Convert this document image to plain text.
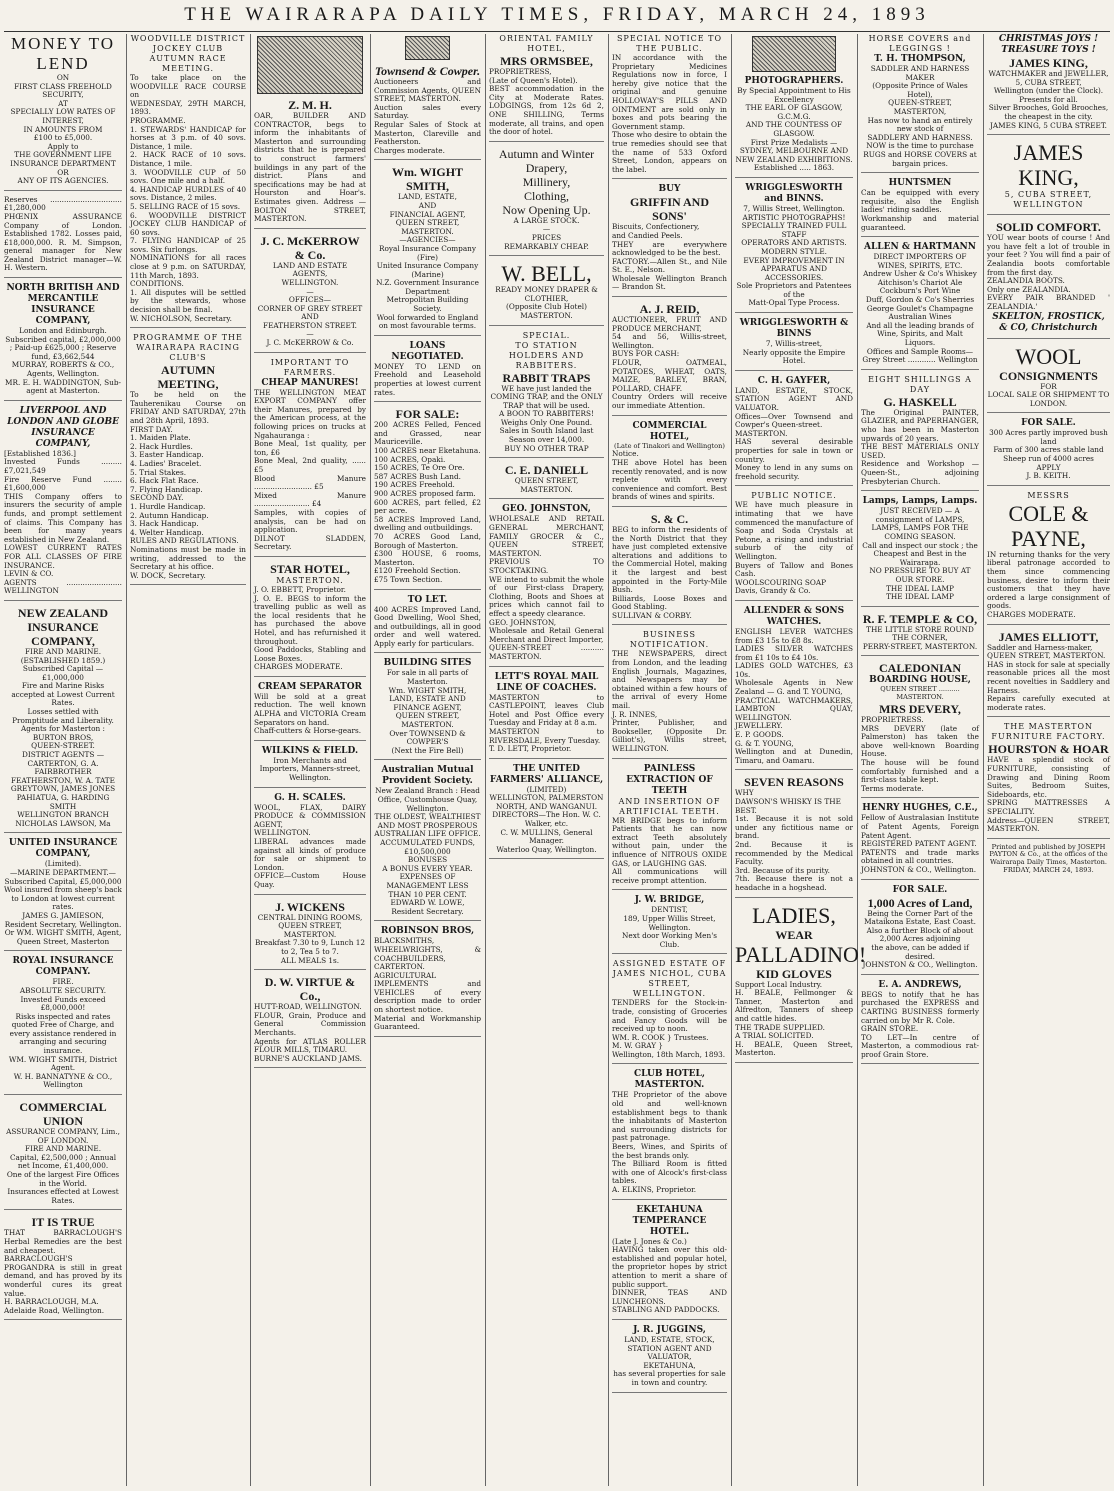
THE WAIRARAPA DAILY TIMES, FRIDAY, MARCH 24, 1893
MONEY TO LEND
ON
FIRST CLASS FREEHOLD SECURITY,
AT
SPECIALLY LOW RATES OF
INTEREST,
IN AMOUNTS FROM
£100 to £5,000.
Apply to
THE GOVERNMENT LIFE INSURANCE DEPARTMENT
OR
ANY OF ITS AGENCIES.
Reserves ............................... £1,280,000
PHŒNIX ASSURANCE Company of London. Established 1782. Losses paid, £18,000,000. R. M. Simpson, general manager for New Zealand District manager—W. H. Western.
NORTH BRITISH AND MERCANTILE INSURANCE COMPANY,
London and Edinburgh.
Subscribed capital, £2,000,000 ; Paid-up £625,000 ; Reserve fund, £3,662,544
MURRAY, ROBERTS & CO., Agents, Wellington.
MR. E. H. WADDINGTON, Sub-agent at Masterton.
LIVERPOOL AND LONDON AND GLOBE INSURANCE COMPANY,
[Established 1836.]
Invested Funds ......... £7,021,549
Fire Reserve Fund ........ £1,600,000
THIS Company offers to insurers the security of ample funds, and prompt settlement of claims. This Company has been for many years established in New Zealand.
LOWEST CURRENT RATES FOR ALL CLASSES OF FIRE INSURANCE.
LEVIN & CO.
AGENTS ........................ WELLINGTON
NEW ZEALAND INSURANCE COMPANY,
FIRE AND MARINE.
(ESTABLISHED 1859.)
Subscribed Capital — £1,000,000
Fire and Marine Risks accepted at Lowest Current Rates.
Losses settled with Promptitude and Liberality.
Agents for Masterton :
BURTON BROS,
QUEEN-STREET.
DISTRICT AGENTS —
CARTERTON, G. A. FAIRBROTHER
FEATHERSTON, W. A. TATE
GREYTOWN, JAMES JONES
PAHIATUA, G. HARDING SMITH
WELLINGTON BRANCH
NICHOLAS LAWSON, Ma
UNITED INSURANCE COMPANY,
(Limited).
—MARINE DEPARTMENT.—
Subscribed Capital, £5,000,000
Wool insured from sheep's back to London at lowest current rates.
JAMES G. JAMIESON,
Resident Secretary, Wellington.
Or WM. WIGHT SMITH, Agent, Queen Street, Masterton
ROYAL INSURANCE COMPANY.
FIRE.
ABSOLUTE SECURITY.
Invested Funds exceed £8,000,000!
Risks inspected and rates quoted Free of Charge, and every assistance rendered in arranging and securing insurance.
WM. WIGHT SMITH, District Agent.
W. H. BANNATYNE & CO., Wellington
COMMERCIAL UNION
ASSURANCE COMPANY, Lim., OF LONDON.
FIRE AND MARINE.
Capital, £2,500,000 ; Annual net Income, £1,400,000.
One of the largest Fire Offices in the World.
Insurances effected at Lowest Rates.
IT IS TRUE
THAT BARRACLOUGH'S Herbal Remedies are the best and cheapest.
BARRACLOUGH'S PROGANDRA is still in great demand, and has proved by its wonderful cures its great value.
H. BARRACLOUGH, M.A.
Adelaide Road, Wellington.
WOODVILLE DISTRICT JOCKEY CLUB
AUTUMN RACE MEETING.
To take place on the WOODVILLE RACE COURSE on
WEDNESDAY, 29TH MARCH, 1893.
PROGRAMME.
1. STEWARDS' HANDICAP for horses at 3 p.m. of 40 sovs. Distance, 1 mile.
2. HACK RACE of 10 sovs. Distance, 1 mile.
3. WOODVILLE CUP of 50 sovs. One mile and a half.
4. HANDICAP HURDLES of 40 sovs. Distance, 2 miles.
5. SELLING RACE of 15 sovs.
6. WOODVILLE DISTRICT JOCKEY CLUB HANDICAP of 60 sovs.
7. FLYING HANDICAP of 25 sovs. Six furlongs.
NOMINATIONS for all races close at 9 p.m. on SATURDAY, 11th March, 1893.
CONDITIONS.
1. All disputes will be settled by the stewards, whose decision shall be final.
W. NICHOLSON, Secretary.
PROGRAMME OF THE WAIRARAPA RACING CLUB'S
AUTUMN MEETING,
To be held on the Tauherenikau Course on FRIDAY AND SATURDAY, 27th and 28th April, 1893.
FIRST DAY.
1. Maiden Plate.
2. Hack Hurdles.
3. Easter Handicap.
4. Ladies' Bracelet.
5. Trial Stakes.
6. Hack Flat Race.
7. Flying Handicap.
SECOND DAY.
1. Hurdle Handicap.
2. Autumn Handicap.
3. Hack Handicap.
4. Welter Handicap.
RULES AND REGULATIONS.
Nominations must be made in writing, addressed to the Secretary at his office.
W. DOCK, Secretary.
Z. M. H.
OAR, BUILDER AND CONTRACTOR, begs to inform the inhabitants of Masterton and surrounding districts that he is prepared to construct farmers' buildings in any part of the district. Plans and specifications may be had at Hourston and Hoar's. Estimates given. Address — BOLTON STREET, MASTERTON.
J. C. McKERROW & Co.
LAND AND ESTATE
AGENTS,
WELLINGTON.
—
OFFICES—
CORNER OF GREY STREET
AND
FEATHERSTON STREET.
—
J. C. McKERROW & Co.
IMPORTANT TO FARMERS.
CHEAP MANURES!
THE WELLINGTON MEAT EXPORT COMPANY offer their Manures, prepared by the American process, at the following prices on trucks at Ngahauranga :
Bone Meal, 1st quality, per ton, £6
Bone Meal, 2nd quality, ...... £5
Blood Manure ......................... £5
Mixed Manure ........................ £4
Samples, with copies of analysis, can be had on application.
DILNOT SLADDEN, Secretary.
STAR HOTEL,
MASTERTON.
J. O. EBBETT, Proprietor.
J. O. E. BEGS to inform the travelling public as well as the local residents that he has purchased the above Hotel, and has refurnished it throughout.
Good Paddocks, Stabling and Loose Boxes.
CHARGES MODERATE.
CREAM SEPARATOR
Will be sold at a great reduction. The well known ALPHA and VICTORIA Cream Separators on hand.
Chaff-cutters & Horse-gears.
WILKINS & FIELD.
Iron Merchants and Importers, Manners-street, Wellington.
G. H. SCALES.
WOOL, FLAX, DAIRY PRODUCE & COMMISSION AGENT,
WELLINGTON.
LIBERAL advances made against all kinds of produce for sale or shipment to London.
OFFICE—Custom House Quay.
J. WICKENS
CENTRAL DINING ROOMS,
QUEEN STREET, MASTERTON.
Breakfast 7.30 to 9, Lunch 12 to 2, Tea 5 to 7.
ALL MEALS 1s.
D. W. VIRTUE & Co.,
HUTT-ROAD, WELLINGTON.
FLOUR, Grain, Produce and General Commission Merchants.
Agents for ATLAS ROLLER FLOUR MILLS, TIMARU.
BURNE'S AUCKLAND JAMS.
Townsend & Cowper.
Auctioneers and Commission Agents, QUEEN STREET, MASTERTON.
Auction sales every Saturday.
Regular Sales of Stock at Masterton, Clareville and Featherston.
Charges moderate.
Wm. WIGHT SMITH,
LAND, ESTATE,
AND
FINANCIAL AGENT,
QUEEN STREET, MASTERTON.
—AGENCIES—
Royal Insurance Company (Fire)
United Insurance Company (Marine)
N.Z. Government Insurance Department
Metropolitan Building Society.
Wool forwarded to England on most favourable terms.
LOANS NEGOTIATED.
MONEY TO LEND on Freehold and Leasehold properties at lowest current rates.
FOR SALE:
200 ACRES Felled, Fenced and Grassed, near Mauriceville.
100 ACRES near Eketahuna.
100 ACRES, Opaki.
150 ACRES, Te Ore Ore.
587 ACRES Bush Land.
190 ACRES Freehold.
900 ACRES proposed farm.
600 ACRES, part felled, £2 per acre.
58 ACRES Improved Land, dwelling and outbuildings.
70 ACRES Good Land, Borough of Masterton.
£300 HOUSE, 6 rooms, Masterton.
£120 Freehold Section.
£75 Town Section.
TO LET.
400 ACRES Improved Land, Good Dwelling, Wool Shed, and outbuildings, all in good order and well watered. Apply early for particulars.
BUILDING SITES
For sale in all parts of Masterton.
Wm. WIGHT SMITH,
LAND, ESTATE AND
FINANCE AGENT,
QUEEN STREET,
MASTERTON.
Over TOWNSEND & COWPER'S
(Next the Fire Bell)
Australian Mutual Provident Society.
New Zealand Branch : Head Office, Customhouse Quay, Wellington.
THE OLDEST, WEALTHIEST AND MOST PROSPEROUS AUSTRALIAN LIFE OFFICE.
ACCUMULATED FUNDS,
£10,500,000
BONUSES
A BONUS EVERY YEAR.
EXPENSES OF MANAGEMENT LESS THAN 10 PER CENT.
EDWARD W. LOWE, Resident Secretary.
ROBINSON BROS,
BLACKSMITHS, WHEELWRIGHTS, & COACHBUILDERS,
CARTERTON.
AGRICULTURAL IMPLEMENTS and VEHICLES of every description made to order on shortest notice.
Material and Workmanship Guaranteed.
ORIENTAL FAMILY HOTEL,
MRS ORMSBEE,
PROPRIETRESS,
(Late of Queen's Hotel).
BEST accommodation in the City at Moderate Rates. LODGINGS, from 12s 6d 2, ONE SHILLING, Terms moderate, all trains, and open the door of hotel.
Autumn and Winter
Drapery,
Millinery,
Clothing,
Now Opening Up.
A LARGE STOCK.
—
PRICES
REMARKABLY CHEAP.
W. BELL,
READY MONEY DRAPER & CLOTHIER,
(Opposite Club Hotel)
MASTERTON.
SPECIAL.
TO STATION HOLDERS AND RABBITERS.
RABBIT TRAPS
WE have just landed the COMING TRAP, and the ONLY TRAP that will be used.
A BOON TO RABBITERS!
Weighs Only One Pound.
Sales in South Island last Season over 14,000.
BUY NO OTHER TRAP
C. E. DANIELL
QUEEN STREET,
MASTERTON.
GEO. JOHNSTON,
WHOLESALE AND RETAIL GENERAL MERCHANT, FAMILY GROCER & C., QUEEN STREET, MASTERTON.
PREVIOUS TO STOCKTAKING.
WE intend to submit the whole of our First-class Drapery, Clothing, Boots and Shoes at prices which cannot fail to effect a speedy clearance.
GEO. JOHNSTON,
Wholesale and Retail General Merchant and Direct Importer,
QUEEN-STREET .......... MASTERTON.
LETT'S ROYAL MAIL LINE OF COACHES.
MASTERTON to CASTLEPOINT, leaves Club Hotel and Post Office every Tuesday and Friday at 8 a.m.
MASTERTON to RIVERSDALE, Every Tuesday.
T. D. LETT, Proprietor.
THE UNITED FARMERS' ALLIANCE,
(LIMITED)
WELLINGTON, PALMERSTON NORTH, AND WANGANUI.
DIRECTORS—The Hon. W. C. Walker, etc.
C. W. MULLINS, General Manager.
Waterloo Quay, Wellington.
SPECIAL NOTICE TO THE PUBLIC.
IN accordance with the Proprietary Medicines Regulations now in force, I hereby give notice that the original and genuine HOLLOWAY'S PILLS AND OINTMENT are sold only in boxes and pots bearing the Government stamp.
Those who desire to obtain the true remedies should see that the name of 533 Oxford Street, London, appears on the label.
BUY
GRIFFIN AND SONS'
Biscuits, Confectionery,
and Candied Peels.
THEY are everywhere acknowledged to be the best.
FACTORY.—Allen St., and Nile St. E., Nelson.
Wholesale Wellington Branch — Brandon St.
A. J. REID,
AUCTIONEER, FRUIT AND PRODUCE MERCHANT,
54 and 56, Willis-street, Wellington.
BUYS FOR CASH:
FLOUR, OATMEAL, POTATOES, WHEAT, OATS, MAIZE, BARLEY, BRAN, POLLARD, CHAFF.
Country Orders will receive our immediate Attention.
COMMERCIAL HOTEL,
(Late of Tinakori and Wellington)
Notice.
THE above Hotel has been recently renovated, and is now replete with every convenience and comfort. Best brands of wines and spirits.
S. & C.
BEG to inform the residents of the North District that they have just completed extensive alterations and additions to the Commercial Hotel, making it the largest and best appointed in the Forty-Mile Bush.
Billiards, Loose Boxes and Good Stabling.
SULLIVAN & CORBY.
BUSINESS NOTIFICATION.
THE NEWSPAPERS, direct from London, and the leading English Journals, Magazines, and Newspapers may be obtained within a few hours of the arrival of every Home mail.
J. R. INNES,
Printer, Publisher, and Bookseller, (Opposite Dr. Gilliot's), Willis street, WELLINGTON.
PAINLESS EXTRACTION OF TEETH
AND INSERTION OF ARTIFICIAL TEETH.
MR BRIDGE begs to inform Patients that he can now extract Teeth absolutely without pain, under the influence of NITROUS OXIDE GAS, or LAUGHING GAS.
All communications will receive prompt attention.
J. W. BRIDGE,
DENTIST,
189, Upper Willis Street, Wellington.
Next door Working Men's Club.
ASSIGNED ESTATE OF JAMES NICHOL, CUBA STREET, WELLINGTON.
TENDERS for the Stock-in-trade, consisting of Groceries and Fancy Goods will be received up to noon.
WM. R. COOK } Trustees.
M. W. GRAY }
Wellington, 18th March, 1893.
CLUB HOTEL, MASTERTON.
THE Proprietor of the above old and well-known establishment begs to thank the inhabitants of Masterton and surrounding districts for past patronage.
Beers, Wines, and Spirits of the best brands only.
The Billiard Room is fitted with one of Alcock's first-class tables.
A. ELKINS, Proprietor.
EKETAHUNA TEMPERANCE HOTEL.
(Late J. Jones & Co.)
HAVING taken over this old-established and popular hotel, the proprietor hopes by strict attention to merit a share of public support.
DINNER, TEAS AND LUNCHEONS.
STABLING AND PADDOCKS.
J. R. JUGGINS,
LAND, ESTATE, STOCK, STATION AGENT AND VALUATOR,
EKETAHUNA,
has several properties for sale in town and country.
PHOTOGRAPHERS.
By Special Appointment to His Excellency
THE EARL OF GLASGOW, G.C.M.G.
AND THE COUNTESS OF GLASGOW.
First Prize Medalists — SYDNEY, MELBOURNE AND NEW ZEALAND EXHIBITIONS.
Established ..... 1863.
WRIGGLESWORTH and BINNS.
7, Willis Street, Wellington.
ARTISTIC PHOTOGRAPHS!
SPECIALLY TRAINED FULL STAFF
OPERATORS AND ARTISTS.
MODERN STYLE.
EVERY IMPROVEMENT IN APPARATUS AND ACCESSORIES.
Sole Proprietors and Patentees of the
Matt-Opal Type Process.
WRIGGLESWORTH & BINNS
7, Willis-street,
Nearly opposite the Empire Hotel.
C. H. GAYFER,
LAND, ESTATE, STOCK, STATION AGENT AND VALUATOR.
Offices—Over Townsend and Cowper's Queen-street.
MASTERTON.
HAS several desirable properties for sale in town or country.
Money to lend in any sums on freehold security.
PUBLIC NOTICE.
WE have much pleasure in intimating that we have commenced the manufacture of Soap and Soda Crystals at Petone, a rising and industrial suburb of the city of Wellington.
Buyers of Tallow and Bones Cash.
WOOLSCOURING SOAP
Davis, Grandy & Co.
ALLENDER & SONS WATCHES.
ENGLISH LEVER WATCHES from £3 15s to £8 8s.
LADIES SILVER WATCHES from £1 10s to £4 10s.
LADIES GOLD WATCHES, £3 10s.
Wholesale Agents in New Zealand — G. and T. YOUNG,
PRACTICAL WATCHMAKERS, LAMBTON QUAY, WELLINGTON.
JEWELLERY.
E. P. GOODS.
G. & T. YOUNG,
Wellington and at Dunedin, Timaru, and Oamaru.
SEVEN REASONS
WHY
DAWSON'S WHISKY IS THE
BEST.
1st. Because it is not sold under any fictitious name or brand.
2nd. Because it is recommended by the Medical Faculty.
3rd. Because of its purity.
7th. Because there is not a headache in a hogshead.
LADIES,
WEAR
PALLADINO!
KID GLOVES
Support Local Industry.
H. BEALE, Fellmonger & Tanner, Masterton and Alfredton, Tanners of sheep and cattle hides.
THE TRADE SUPPLIED.
A TRIAL SOLICITED.
H. BEALE, Queen Street, Masterton.
HORSE COVERS and LEGGINGS !
T. H. THOMPSON,
SADDLER AND HARNESS MAKER
(Opposite Prince of Wales Hotel),
QUEEN-STREET, MASTERTON,
Has now to hand an entirely new stock of
SADDLERY AND HARNESS.
NOW is the time to purchase RUGS and HORSE COVERS at bargain prices.
HUNTSMEN
Can be equipped with every requisite, also the English ladies' riding saddles.
Workmanship and material guaranteed.
ALLEN & HARTMANN
DIRECT IMPORTERS OF
WINES, SPIRITS, ETC.
Andrew Usher & Co's Whiskey
Aitchison's Chariot Ale
Cockburn's Port Wine
Duff, Gordon & Co's Sherries
George Goulet's Champagne
Australian Wines
And all the leading brands of Wine, Spirits, and Malt Liquors.
Offices and Sample Rooms—
Grey Street ............ Wellington
EIGHT SHILLINGS A DAY
G. HASKELL
The Original PAINTER, GLAZIER, and PAPERHANGER, who has been in Masterton upwards of 20 years.
THE BEST MATERIALS ONLY USED.
Residence and Workshop — Queen-St., adjoining Presbyterian Church.
Lamps, Lamps, Lamps.
JUST RECEIVED — A consignment of LAMPS, LAMPS, LAMPS FOR THE COMING SEASON.
Call and inspect our stock ; the Cheapest and Best in the Wairarapa.
NO PRESSURE TO BUY AT OUR STORE.
THE IDEAL LAMP
THE IDEAL LAMP
R. F. TEMPLE & CO,
THE LITTLE STORE ROUND THE CORNER,
PERRY-STREET, MASTERTON.
CALEDONIAN
BOARDING HOUSE,
QUEEN STREET .......... MASTERTON.
MRS DEVERY,
PROPRIETRESS.
MRS DEVERY (late of Palmerston) has taken the above well-known Boarding House.
The house will be found comfortably furnished and a first-class table kept.
Terms moderate.
HENRY HUGHES, C.E.,
Fellow of Australasian Institute of Patent Agents, Foreign Patent Agent.
REGISTERED PATENT AGENT.
PATENTS and trade marks obtained in all countries.
JOHNSTON & CO., Wellington.
FOR SALE.
1,000 Acres of Land,
Being the Corner Part of the Mataikona Estate, East Coast.
Also a further Block of about
2,000 Acres adjoining
the above, can be added if desired.
JOHNSTON & CO., Wellington.
E. A. ANDREWS,
BEGS to notify that he has purchased the EXPRESS and CARTING BUSINESS formerly carried on by Mr R. Cole.
GRAIN STORE.
TO LET—In centre of Masterton, a commodious rat-proof Grain Store.
CHRISTMAS JOYS ! TREASURE TOYS !
JAMES KING,
WATCHMAKER and JEWELLER,
5, CUBA STREET,
Wellington (under the Clock).
Presents for all.
Silver Brooches, Gold Brooches, the cheapest in the city.
JAMES KING, 5 CUBA STREET.
JAMES KING,
5, CUBA STREET, WELLINGTON
SOLID COMFORT.
YOU wear boots of course ! And you have felt a lot of trouble in your feet ? You will find a pair of Zealandia boots comfortable from the first day.
ZEALANDIA BOOTS.
Only one ZEALANDIA.
EVERY PAIR BRANDED ' ZEALANDIA.'
SKELTON, FROSTICK, & CO, Christchurch
WOOL
CONSIGNMENTS
FOR
LOCAL SALE OR SHIPMENT TO
LONDON.
FOR SALE.
300 Acres partly improved bush land
Farm of 300 acres stable land
Sheep run of 4000 acres
APPLY
J. B. KEITH.
MESSRS
COLE &
PAYNE,
IN returning thanks for the very liberal patronage accorded to them since commencing business, desire to inform their customers that they have ordered a large consignment of goods.
CHARGES MODERATE.
JAMES ELLIOTT,
Saddler and Harness-maker,
QUEEN STREET, MASTERTON.
HAS in stock for sale at specially reasonable prices all the most recent novelties in Saddlery and Harness.
Repairs carefully executed at moderate rates.
THE MASTERTON FURNITURE FACTORY.
HOURSTON & HOAR
HAVE a splendid stock of FURNITURE, consisting of Drawing and Dining Room Suites, Bedroom Suites, Sideboards, etc.
SPRING MATTRESSES A SPECIALITY.
Address—QUEEN STREET, MASTERTON.
Printed and published by JOSEPH PAYTON & Co., at the offices of the Wairarapa Daily Times, Masterton.
FRIDAY, MARCH 24, 1893.
